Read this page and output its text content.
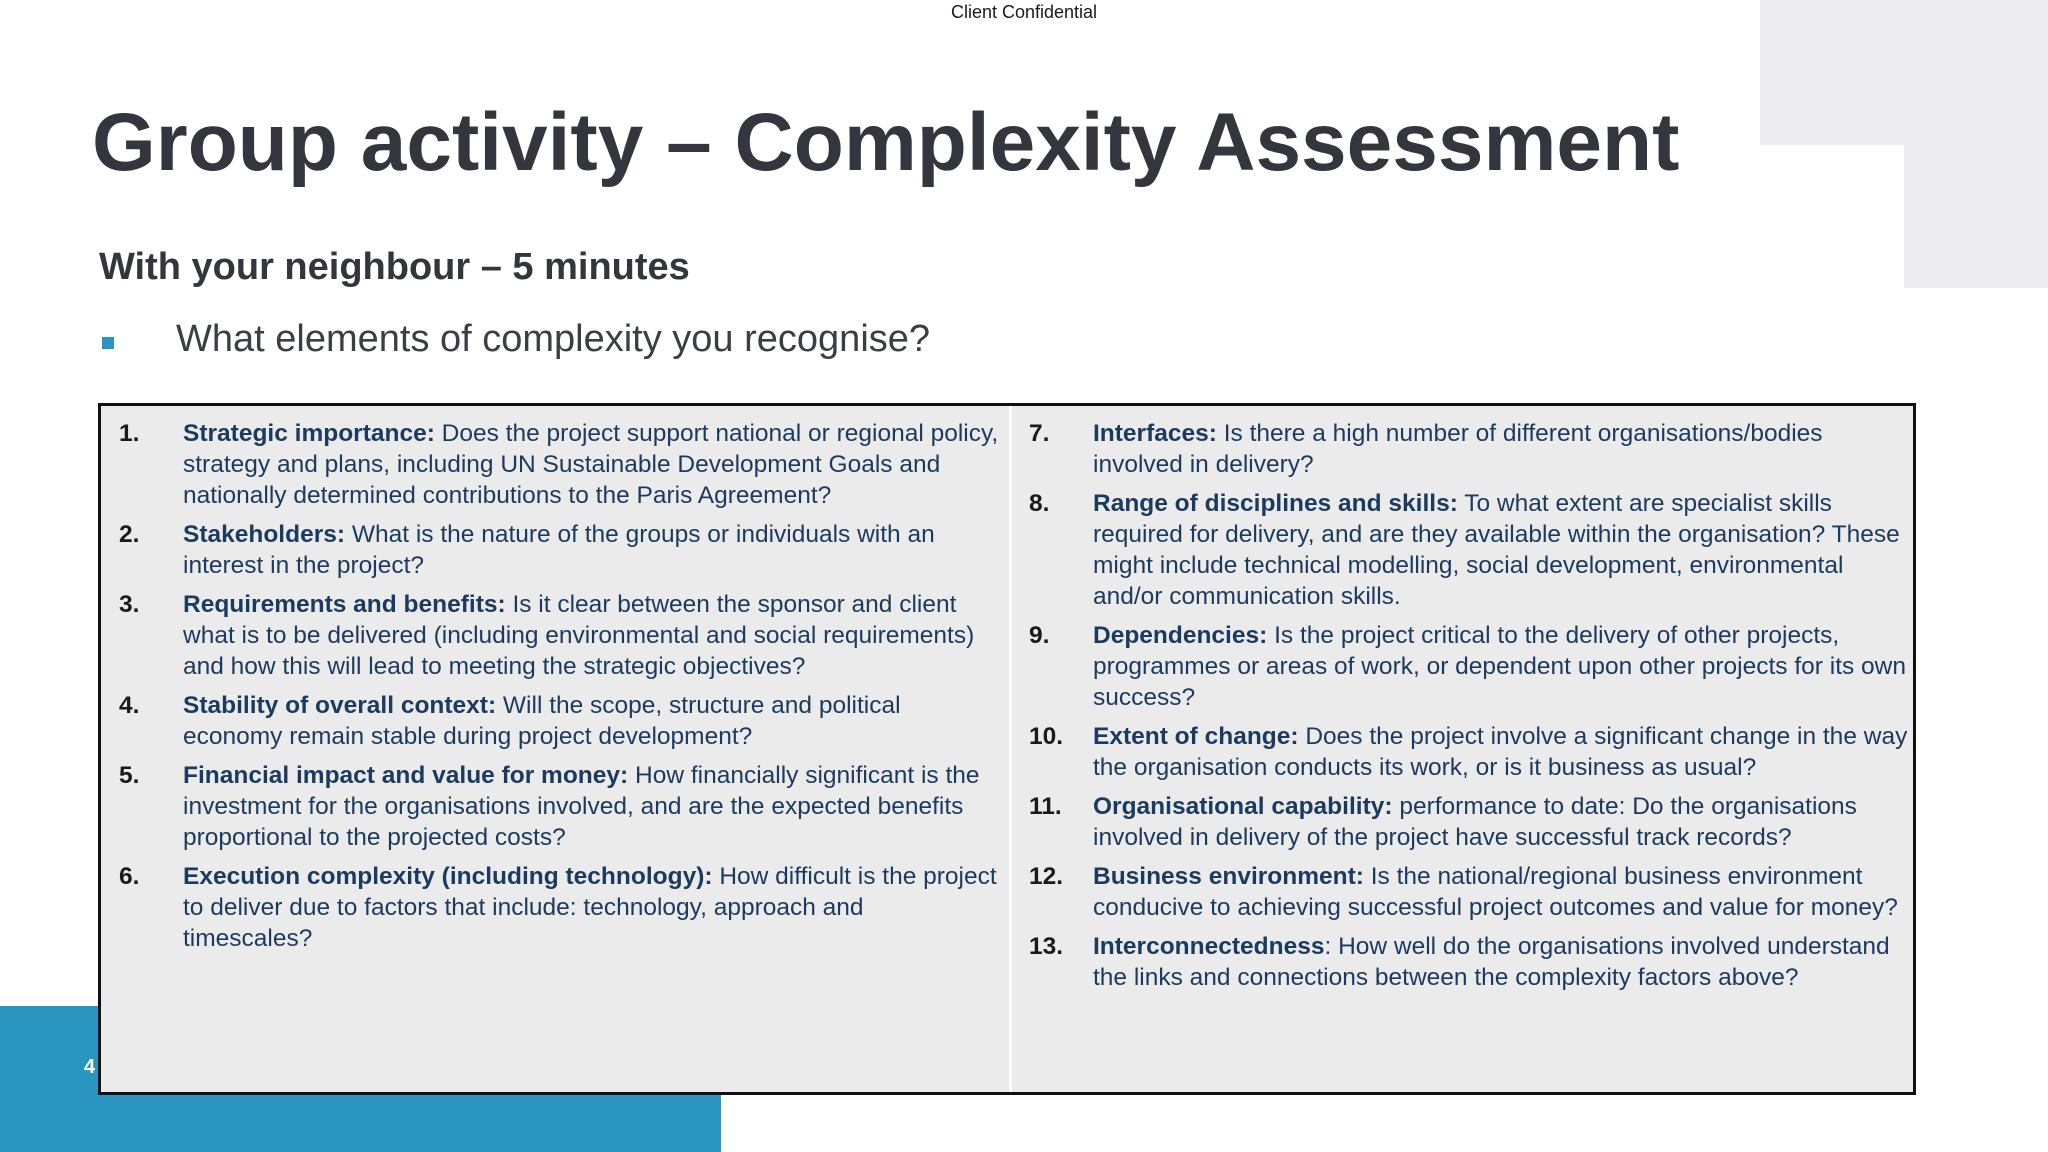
4
Client Confidential
Group activity – Complexity Assessment
With your neighbour – 5 minutes
What elements of complexity you recognise?
1.	Strategic importance: Does the project support national or regional policy, strategy and plans, including UN Sustainable Development Goals and nationally determined contributions to the Paris Agreement?
2.	Stakeholders: What is the nature of the groups or individuals with an interest in the project?
3.	Requirements and benefits: Is it clear between the sponsor and client what is to be delivered (including environmental and social requirements) and how this will lead to meeting the strategic objectives?
4.	Stability of overall context: Will the scope, structure and political economy remain stable during project development?
5.	Financial impact and value for money: How financially significant is the investment for the organisations involved, and are the expected benefits proportional to the projected costs?
6.	Execution complexity (including technology): How difficult is the project to deliver due to factors that include: technology, approach and timescales?
7.	Interfaces: Is there a high number of different organisations/bodies involved in delivery?
8.	Range of disciplines and skills: To what extent are specialist skills required for delivery, and are they available within the organisation? These might include technical modelling, social development, environmental and/or communication skills.
9.	Dependencies: Is the project critical to the delivery of other projects, programmes or areas of work, or dependent upon other projects for its own success?
10.	Extent of change: Does the project involve a significant change in the way the organisation conducts its work, or is it business as usual?
11.	Organisational capability: performance to date: Do the organisations involved in delivery of the project have successful track records?
12.	Business environment: Is the national/regional business environment conducive to achieving successful project outcomes and value for money?
13.	Interconnectedness: How well do the organisations involved understand the links and connections between the complexity factors above?
